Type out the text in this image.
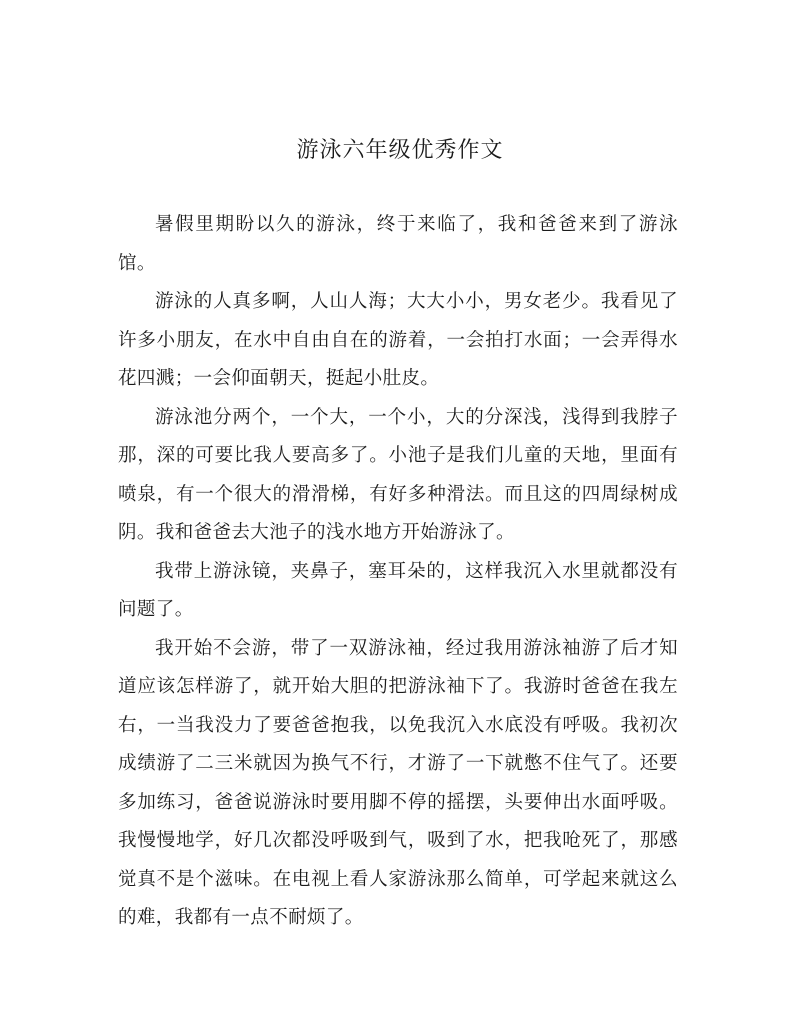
游泳六年级优秀作文

暑假里期盼以久的游泳，终于来临了，我和爸爸来到了游泳馆。

游泳的人真多啊，人山人海；大大小小，男女老少。我看见了许多小朋友，在水中自由自在的游着，一会拍打水面；一会弄得水花四溅；一会仰面朝天，挺起小肚皮。

游泳池分两个，一个大，一个小，大的分深浅，浅得到我脖子那，深的可要比我人要高多了。小池子是我们儿童的天地，里面有喷泉，有一个很大的滑滑梯，有好多种滑法。而且这的四周绿树成阴。我和爸爸去大池子的浅水地方开始游泳了。

我带上游泳镜，夹鼻子，塞耳朵的，这样我沉入水里就都没有问题了。

我开始不会游，带了一双游泳袖，经过我用游泳袖游了后才知道应该怎样游了，就开始大胆的把游泳袖下了。我游时爸爸在我左右，一当我没力了要爸爸抱我，以免我沉入水底没有呼吸。我初次成绩游了二三米就因为换气不行，才游了一下就憋不住气了。还要多加练习，爸爸说游泳时要用脚不停的摇摆，头要伸出水面呼吸。我慢慢地学，好几次都没呼吸到气，吸到了水，把我呛死了，那感觉真不是个滋味。在电视上看人家游泳那么简单，可学起来就这么的难，我都有一点不耐烦了。
